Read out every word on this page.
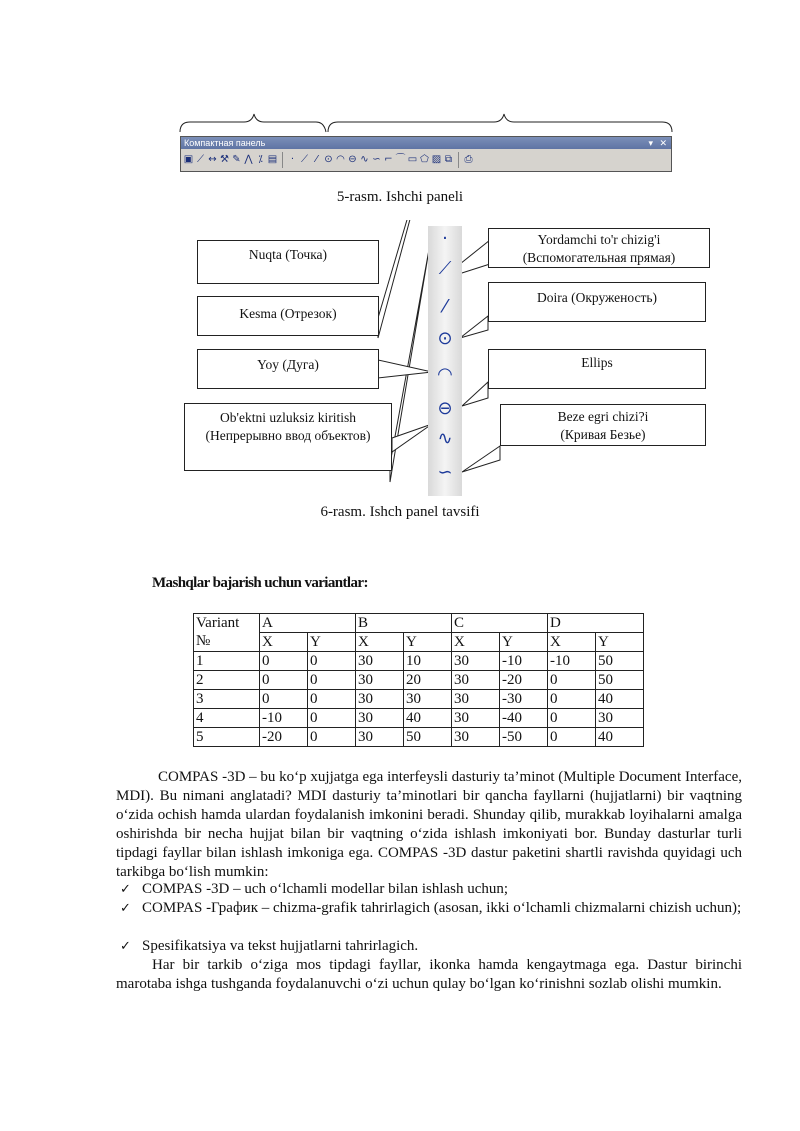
Компактная панель	▾ ✕
▣ ⟋ ↔ ⚒ ✎ ⋀ ⁒ ▤	· ⟋ ⁄ ⊙ ◠ ⊖ ∿ ∽ ⌐ ⌒ ▭ ⬠ ▨ ⧉ ⎙
5-rasm. Ishchi paneli
·
⟋
⁄
⊙
◠
⊖
∿
∽
Nuqta (Точка)
Kesma (Отрезок)
Yoy (Дуга)
Ob'ektni uzluksiz kiritish
(Непрерывно ввод объектов)
Yordamchi to'r chizig'i
(Вспомогательная прямая)
Doira (Окруженость)
Ellips
Beze egri chizi?i
(Кривая Безье)
6-rasm. Ishch panel tavsifi
Mashqlar bajarish uchun variantlar:
Variant
№	A		B		C		D	
	X	Y	X	Y	X	Y	X	Y
1	0	0	30	10	30	-10	-10	50
2	0	0	30	20	30	-20	0	50
3	0	0	30	30	30	-30	0	40
4	-10	0	30	40	30	-40	0	30
5	-20	0	30	50	30	-50	0	40
COMPAS -3D – bu ko‘p xujjatga ega interfeysli dasturiy ta’minot (Multiple Document Interface, MDI). Bu nimani anglatadi? MDI dasturiy ta’minotlari bir qancha fayllarni (hujjatlarni) bir vaqtning o‘zida ochish hamda ulardan foydalanish imkonini beradi. Shunday qilib, murakkab loyihalarni amalga oshirishda bir necha hujjat bilan bir vaqtning o‘zida ishlash imkoniyati bor. Bunday dasturlar turli tipdagi fayllar bilan ishlash imkoniga ega. COMPAS -3D dastur paketini shartli ravishda quyidagi uch tarkibga bo‘lish mumkin:
✓ COMPAS -3D – uch o‘lchamli modellar bilan ishlash uchun;
✓ COMPAS -График – chizma-grafik tahrirlagich (asosan, ikki o‘lchamli chizmalarni chizish uchun);
✓ Spesifikatsiya va tekst hujjatlarni tahrirlagich.
Har bir tarkib o‘ziga mos tipdagi fayllar, ikonka hamda kengaytmaga ega. Dastur birinchi marotaba ishga tushganda foydalanuvchi o‘zi uchun qulay bo‘lgan ko‘rinishni sozlab olishi mumkin.
